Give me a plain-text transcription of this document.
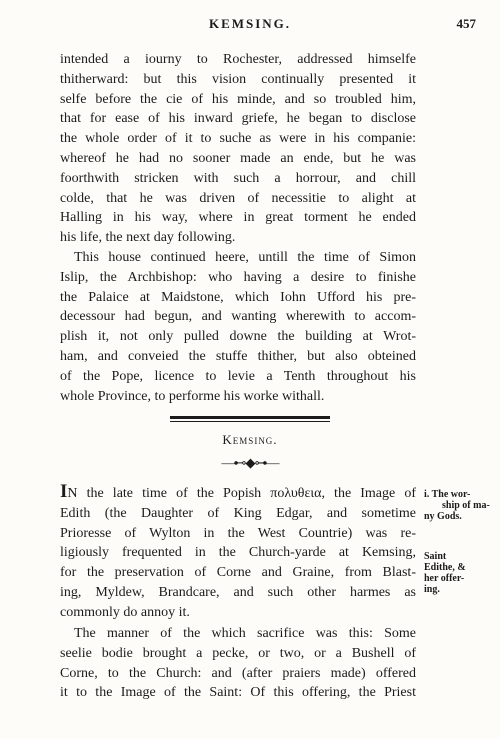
KEMSING.	457
intended a iourny to Rochester, addressed himselfe
thitherward: but this vision continually presented it
selfe before the cie of his minde, and so troubled him,
that for ease of his inward griefe, he began to disclose
the whole order of it to suche as were in his companie:
whereof he had no sooner made an ende, but he was
foorthwith stricken with such a horrour, and chill
colde, that he was driven of necessitie to alight at
Halling in his way, where in great torment he ended
his life, the next day following.
This house continued heere, untill the time of Simon
Islip, the Archbishop: who having a desire to finishe
the Palaice at Maidstone, which Iohn Ufford his pre-
decessour had begun, and wanting wherewith to accom-
plish it, not only pulled downe the building at Wrot-
ham, and conveied the stuffe thither, but also obteined
of the Pope, licence to levie a Tenth throughout his
whole Province, to performe his worke withall.
Kemsing.
—⊷◆⊶—
IN the late time of the Popish πολυθεια, the Image of
Edith (the Daughter of King Edgar, and sometime
Prioresse of Wylton in the West Countrie) was re-
ligiously frequented in the Church-yarde at Kemsing,
for the preservation of Corne and Graine, from Blast-
ing, Myldew, Brandcare, and such other harmes as
commonly do annoy it.
The manner of the which sacrifice was this: Some
seelie bodie brought a pecke, or two, or a Bushell of
Corne, to the Church: and (after praiers made) offered
it to the Image of the Saint: Of this offering, the Priest
i. The wor-
ship of ma-
ny Gods.
Saint
Edithe, &
her offer-
ing.
